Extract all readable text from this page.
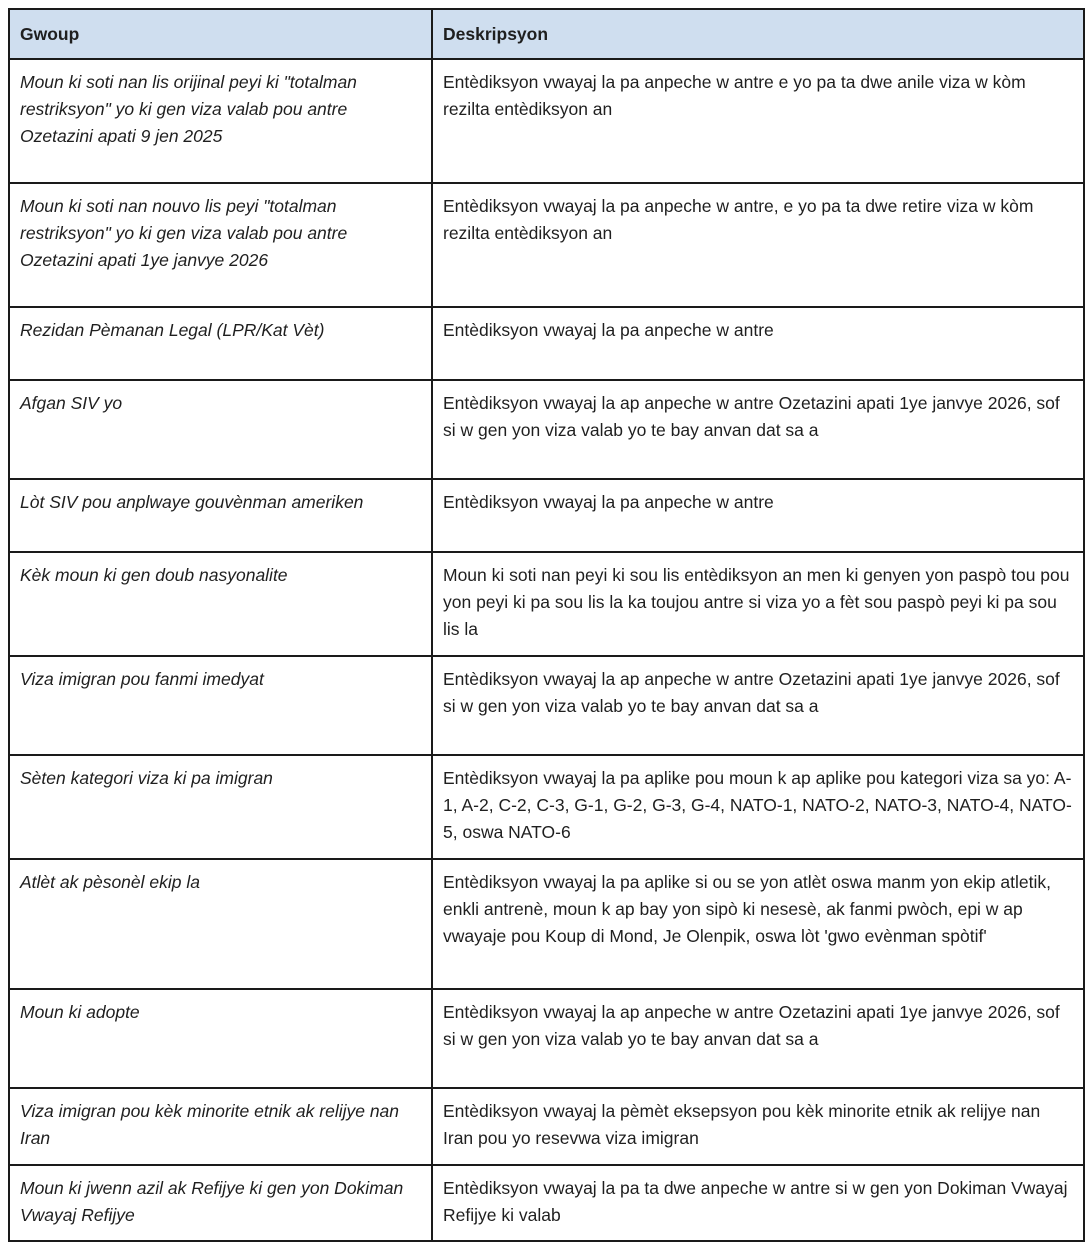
Gwoup	Deskripsyon
Moun ki soti nan lis orijinal peyi ki "totalman restriksyon" yo ki gen viza valab pou antre Ozetazini apati 9 jen 2025	Entèdiksyon vwayaj la pa anpeche w antre e yo pa ta dwe anile viza w kòm rezilta entèdiksyon an
Moun ki soti nan nouvo lis peyi "totalman restriksyon" yo ki gen viza valab pou antre Ozetazini apati 1ye janvye 2026	Entèdiksyon vwayaj la pa anpeche w antre, e yo pa ta dwe retire viza w kòm rezilta entèdiksyon an
Rezidan Pèmanan Legal (LPR/Kat Vèt)	Entèdiksyon vwayaj la pa anpeche w antre
Afgan SIV yo	Entèdiksyon vwayaj la ap anpeche w antre Ozetazini apati 1ye janvye 2026, sof si w gen yon viza valab yo te bay anvan dat sa a
Lòt SIV pou anplwaye gouvènman ameriken	Entèdiksyon vwayaj la pa anpeche w antre
Kèk moun ki gen doub nasyonalite	Moun ki soti nan peyi ki sou lis entèdiksyon an men ki genyen yon paspò tou pou yon peyi ki pa sou lis la ka toujou antre si viza yo a fèt sou paspò peyi ki pa sou lis la
Viza imigran pou fanmi imedyat	Entèdiksyon vwayaj la ap anpeche w antre Ozetazini apati 1ye janvye 2026, sof si w gen yon viza valab yo te bay anvan dat sa a
Sèten kategori viza ki pa imigran	Entèdiksyon vwayaj la pa aplike pou moun k ap aplike pou kategori viza sa yo: A-1, A-2, C-2, C-3, G-1, G-2, G-3, G-4, NATO-1, NATO-2, NATO-3, NATO-4, NATO-5, oswa NATO-6
Atlèt ak pèsonèl ekip la	Entèdiksyon vwayaj la pa aplike si ou se yon atlèt oswa manm yon ekip atletik, enkli antrenè, moun k ap bay yon sipò ki nesesè, ak fanmi pwòch, epi w ap vwayaje pou Koup di Mond, Je Olenpik, oswa lòt 'gwo evènman spòtif'
Moun ki adopte	Entèdiksyon vwayaj la ap anpeche w antre Ozetazini apati 1ye janvye 2026, sof si w gen yon viza valab yo te bay anvan dat sa a
Viza imigran pou kèk minorite etnik ak relijye nan Iran	Entèdiksyon vwayaj la pèmèt eksepsyon pou kèk minorite etnik ak relijye nan Iran pou yo resevwa viza imigran
Moun ki jwenn azil ak Refijye ki gen yon Dokiman Vwayaj Refijye	Entèdiksyon vwayaj la pa ta dwe anpeche w antre si w gen yon Dokiman Vwayaj Refijye ki valab
